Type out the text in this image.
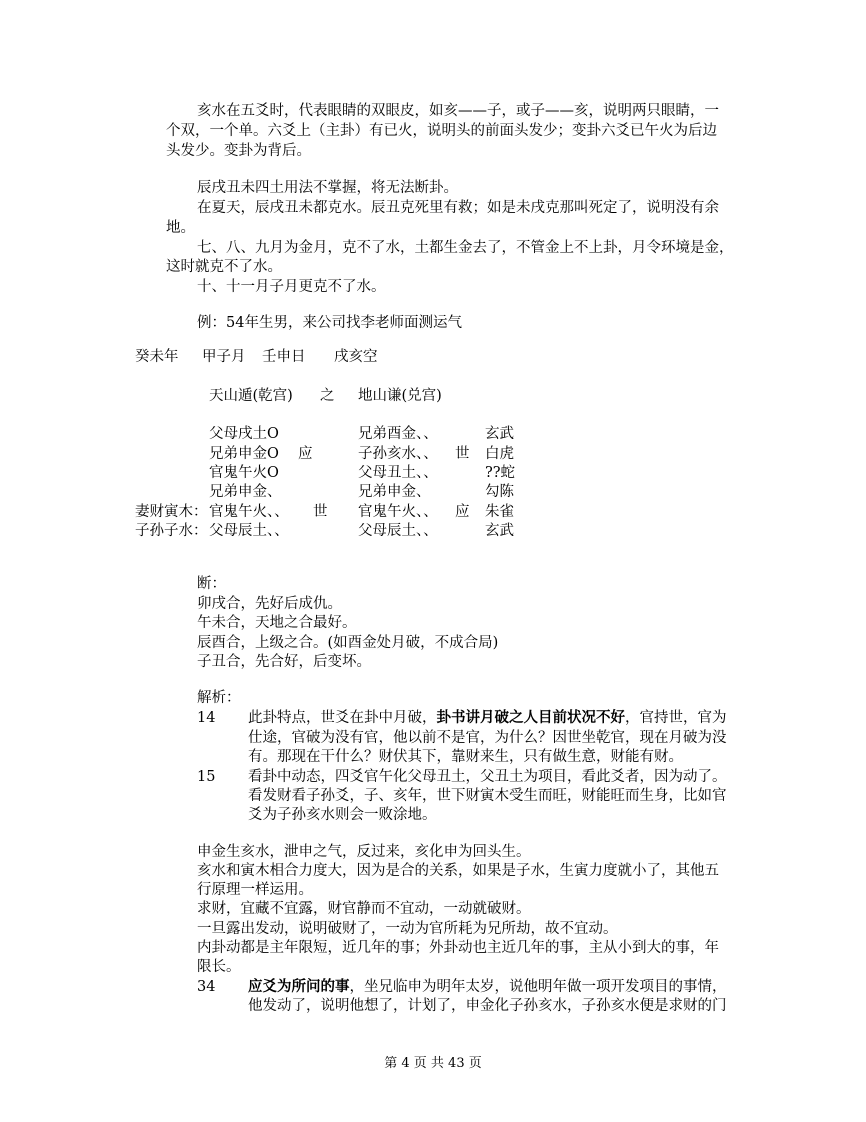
亥水在五爻时，代表眼睛的双眼皮，如亥——子，或子——亥，说明两只眼睛，一
个双，一个单。六爻上（主卦）有已火，说明头的前面头发少；变卦六爻已午火为后边
头发少。变卦为背后。
辰戌丑未四土用法不掌握，将无法断卦。
在夏天，辰戌丑未都克水。辰丑克死里有救；如是未戌克那叫死定了，说明没有余
地。
七、八、九月为金月，克不了水，土都生金去了，不管金上不上卦，月令环境是金，
这时就克不了水。
十、十一月子月更克不了水。
例：54年生男，来公司找李老师面测运气
癸未年 甲子月 壬申日 戌亥空
天山遁(乾宫) 之 地山谦(兑宫)
父母戌土O	兄弟酉金、、	玄武
兄弟申金O 应	子孙亥水、、 世 白虎
官鬼午火O	父母丑土、、	??蛇
兄弟申金、	兄弟申金、	勾陈
妻财寅木： 官鬼午火、、 世 官鬼午火、、 应 朱雀
子孙子水： 父母辰土、、	父母辰土、、	玄武
断：
卯戌合，先好后成仇。
午未合，天地之合最好。
辰酉合，上级之合。(如酉金处月破，不成合局)
子丑合，先合好，后变坏。
解析：
14 此卦特点，世爻在卦中月破，卦书讲月破之人目前状况不好，官持世，官为
仕途，官破为没有官，他以前不是官，为什么？因世坐乾官，现在月破为没
有。那现在干什么？财伏其下，靠财来生，只有做生意，财能有财。
15 看卦中动态，四爻官午化父母丑土，父丑土为项目，看此爻者，因为动了。
看发财看子孙爻，子、亥年，世下财寅木受生而旺，财能旺而生身，比如官
爻为子孙亥水则会一败涂地。
申金生亥水，泄申之气，反过来，亥化申为回头生。
亥水和寅木相合力度大，因为是合的关系，如果是子水，生寅力度就小了，其他五
行原理一样运用。
求财，宜藏不宜露，财官静而不宜动，一动就破财。
一旦露出发动，说明破财了，一动为官所耗为兄所劫，故不宜动。
内卦动都是主年限短，近几年的事；外卦动也主近几年的事，主从小到大的事，年
限长。
34 应爻为所问的事，坐兄临申为明年太岁，说他明年做一项开发项目的事情，
他发动了，说明他想了，计划了，申金化子孙亥水，子孙亥水便是求财的门
第 4 页 共 43 页
